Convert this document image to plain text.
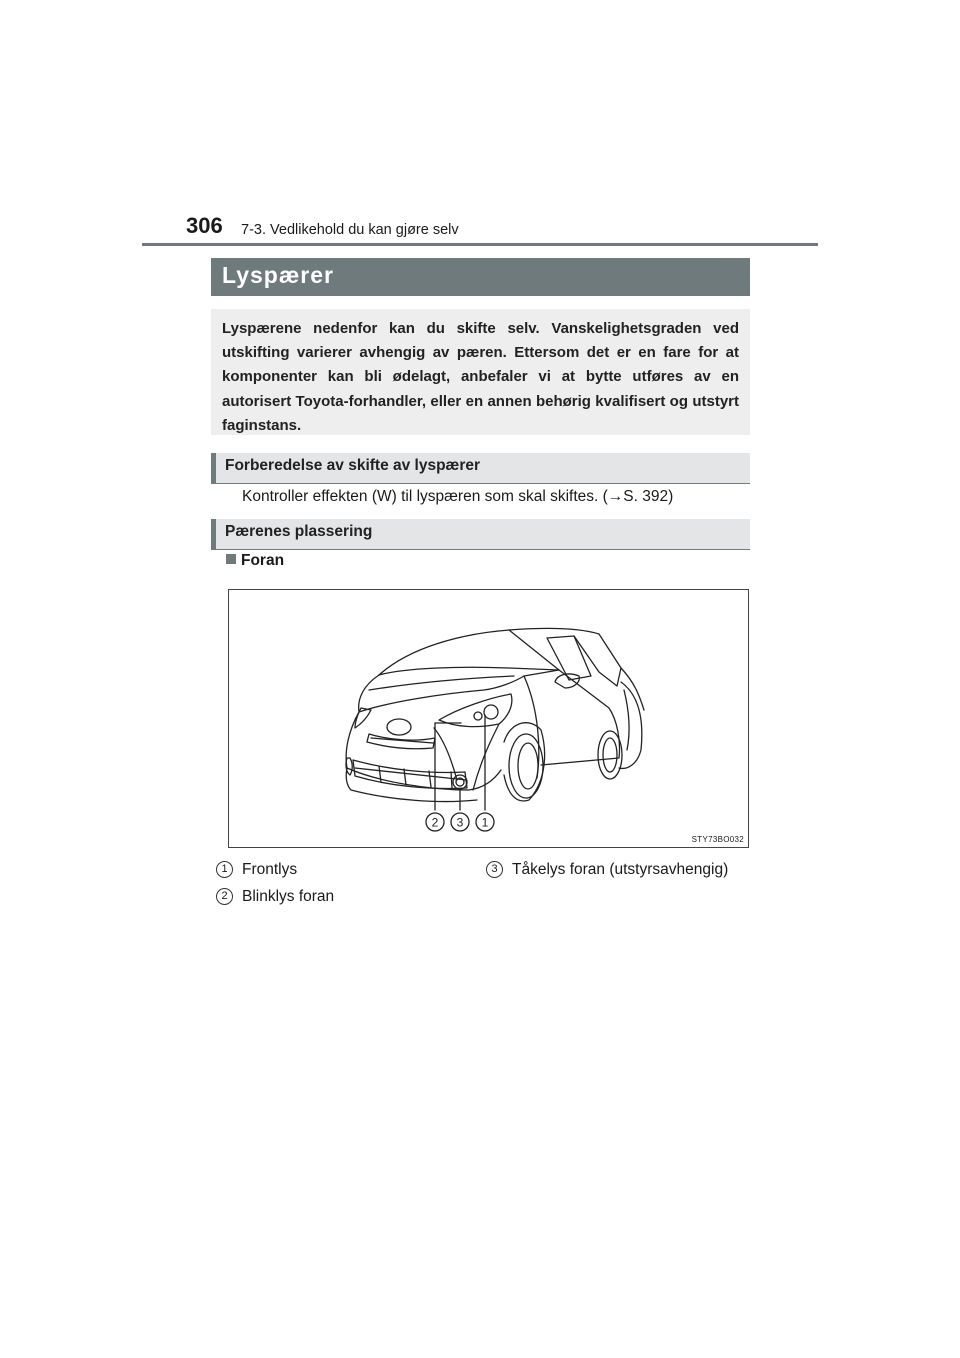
306 7-3. Vedlikehold du kan gjøre selv
Lyspærer

Lyspærene nedenfor kan du skifte selv. Vanskelighetsgraden ved utskifting varierer avhengig av pæren. Ettersom det er en fare for at komponenter kan bli ødelagt, anbefaler vi at bytte utføres av en autorisert Toyota-forhandler, eller en annen behørig kvalifisert og utstyrt faginstans.

Forberedelse av skifte av lyspærer
Kontroller effekten (W) til lyspæren som skal skiftes. (→S. 392)
Pærenes plassering
Foran
2 3 1
STY73BO032
1 Frontlys
2 Blinklys foran
3 Tåkelys foran (utstyrsavhengig)
